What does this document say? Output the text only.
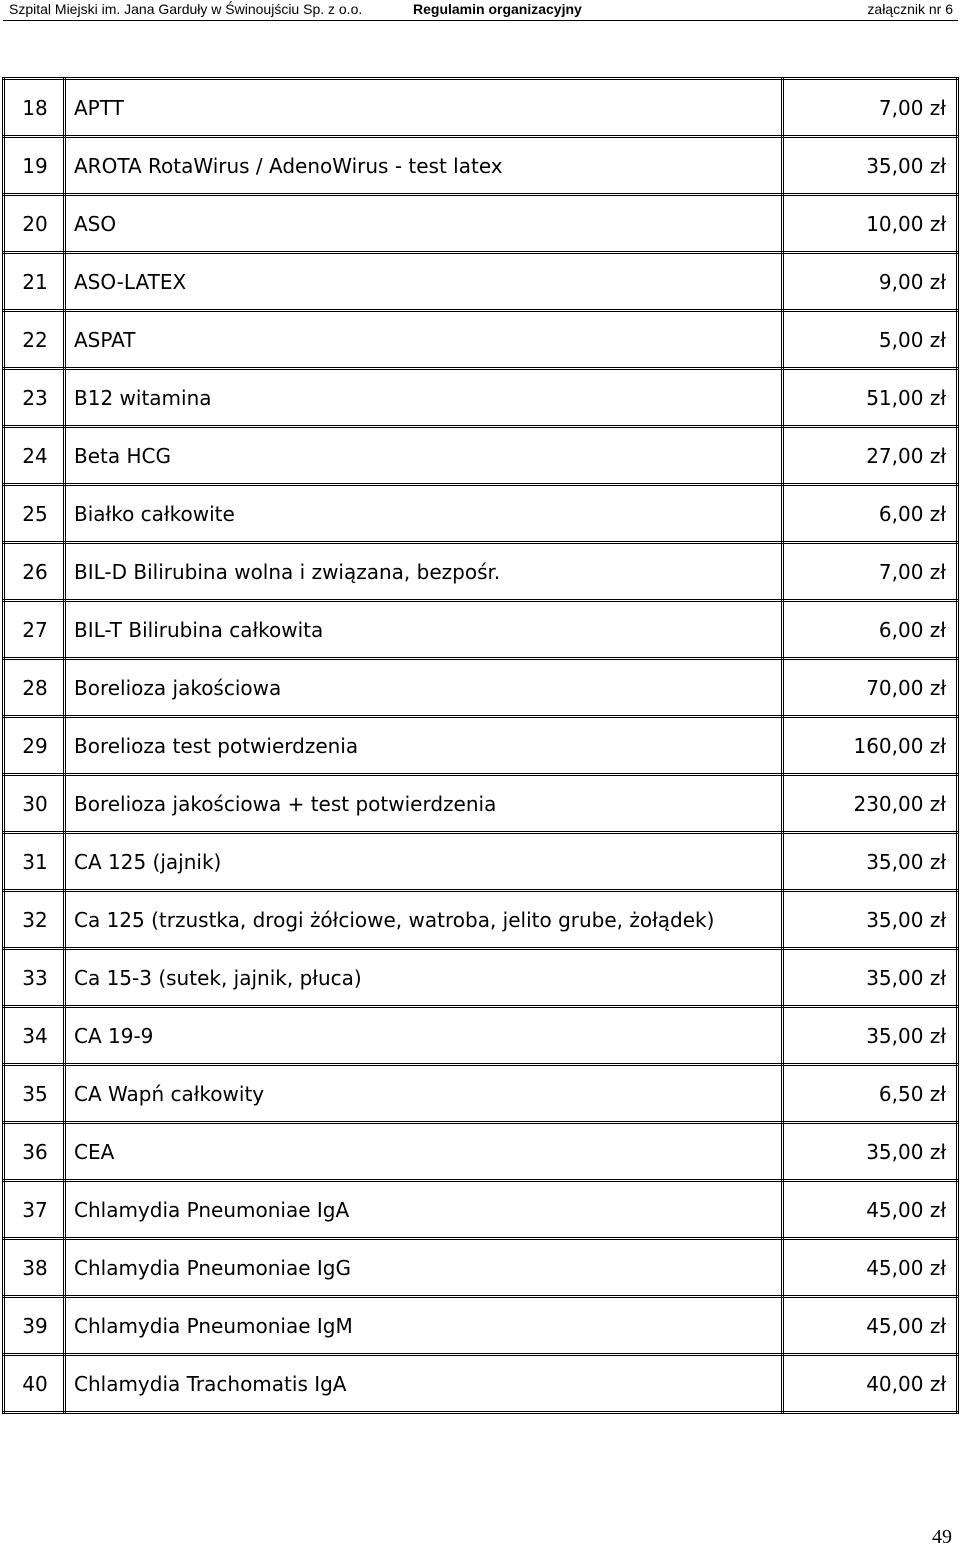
Szpital Miejski im. Jana Garduły w Świnoujściu Sp. z o.o.	Regulamin organizacyjny	załącznik nr 6
18	APTT	7,00 zł
19	AROTA RotaWirus / AdenoWirus - test latex	35,00 zł
20	ASO	10,00 zł
21	ASO-LATEX	9,00 zł
22	ASPAT	5,00 zł
23	B12 witamina	51,00 zł
24	Beta HCG	27,00 zł
25	Białko całkowite	6,00 zł
26	BIL-D Bilirubina wolna i związana, bezpośr.	7,00 zł
27	BIL-T Bilirubina całkowita	6,00 zł
28	Borelioza jakościowa	70,00 zł
29	Borelioza test potwierdzenia	160,00 zł
30	Borelioza jakościowa + test potwierdzenia	230,00 zł
31	CA 125 (jajnik)	35,00 zł
32	Ca 125 (trzustka, drogi żółciowe, watroba, jelito grube, żołądek)	35,00 zł
33	Ca 15-3 (sutek, jajnik, płuca)	35,00 zł
34	CA 19-9	35,00 zł
35	CA Wapń całkowity	6,50 zł
36	CEA	35,00 zł
37	Chlamydia Pneumoniae IgA	45,00 zł
38	Chlamydia Pneumoniae IgG	45,00 zł
39	Chlamydia Pneumoniae IgM	45,00 zł
40	Chlamydia Trachomatis IgA	40,00 zł
49
